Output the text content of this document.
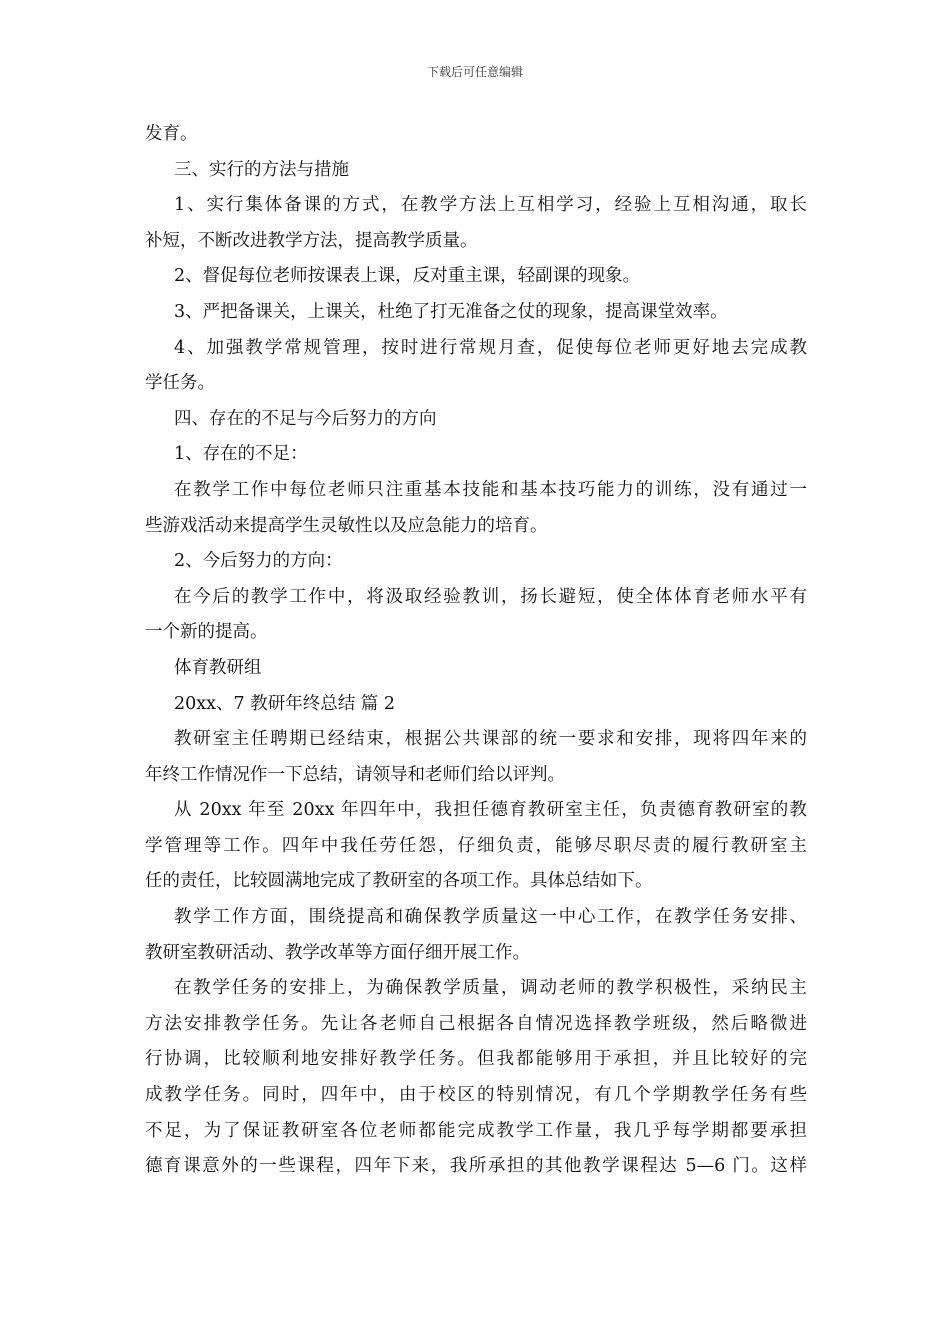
下载后可任意编辑
发育。
三、实行的方法与措施
1、实行集体备课的方式，在教学方法上互相学习，经验上互相沟通，取长
补短，不断改进教学方法，提高教学质量。
2、督促每位老师按课表上课，反对重主课，轻副课的现象。
3、严把备课关，上课关，杜绝了打无准备之仗的现象，提高课堂效率。
4、加强教学常规管理，按时进行常规月查，促使每位老师更好地去完成教
学任务。
四、存在的不足与今后努力的方向
1、存在的不足：
在教学工作中每位老师只注重基本技能和基本技巧能力的训练，没有通过一
些游戏活动来提高学生灵敏性以及应急能力的培育。
2、今后努力的方向：
在今后的教学工作中，将汲取经验教训，扬长避短，使全体体育老师水平有
一个新的提高。
体育教研组
20xx、7 教研年终总结 篇 2
教研室主任聘期已经结束，根据公共课部的统一要求和安排，现将四年来的
年终工作情况作一下总结，请领导和老师们给以评判。
从 20xx 年至 20xx 年四年中，我担任德育教研室主任，负责德育教研室的教
学管理等工作。四年中我任劳任怨，仔细负责，能够尽职尽责的履行教研室主
任的责任，比较圆满地完成了教研室的各项工作。具体总结如下。
教学工作方面，围绕提高和确保教学质量这一中心工作，在教学任务安排、
教研室教研活动、教学改革等方面仔细开展工作。
在教学任务的安排上，为确保教学质量，调动老师的教学积极性，采纳民主
方法安排教学任务。先让各老师自己根据各自情况选择教学班级，然后略微进
行协调，比较顺利地安排好教学任务。但我都能够用于承担，并且比较好的完
成教学任务。同时，四年中，由于校区的特别情况，有几个学期教学任务有些
不足，为了保证教研室各位老师都能完成教学工作量，我几乎每学期都要承担
德育课意外的一些课程，四年下来，我所承担的其他教学课程达 5—6 门。这样
